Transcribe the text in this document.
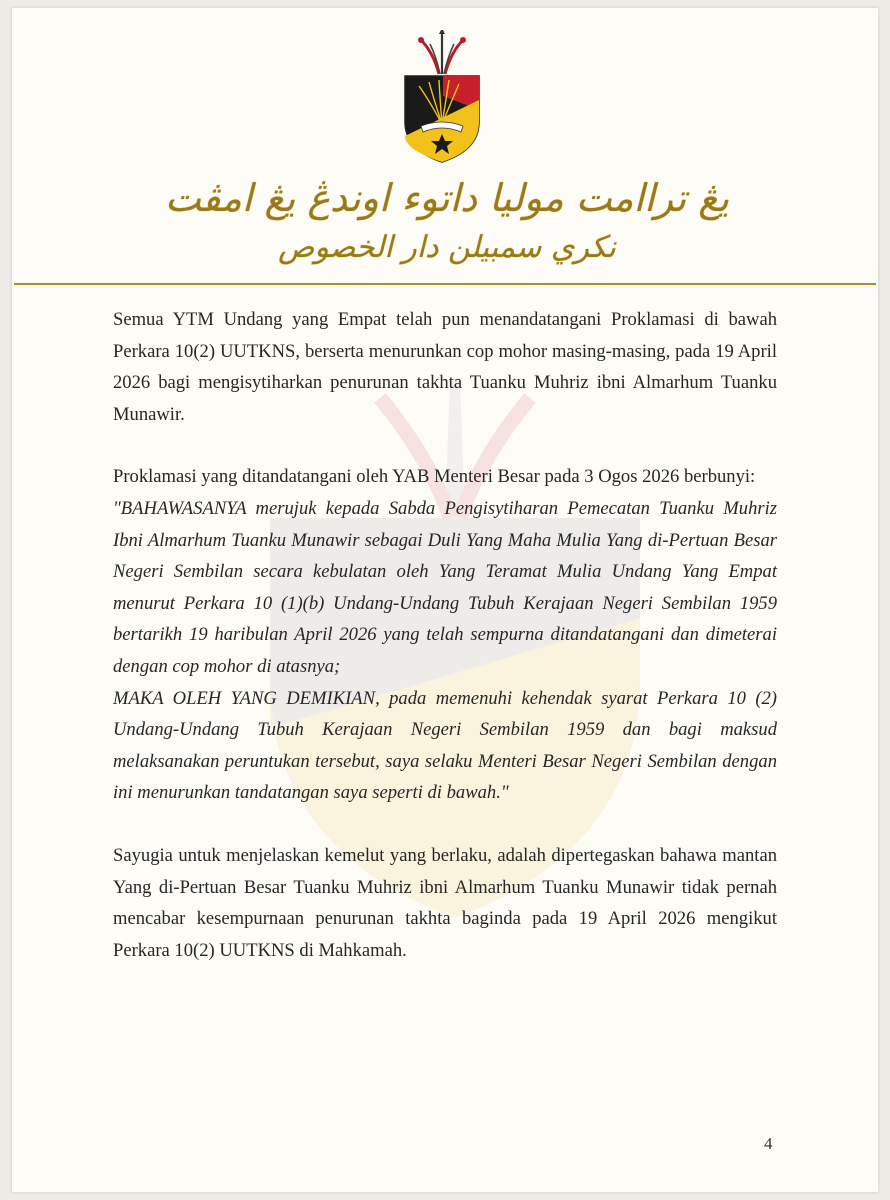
يڠ تراامت موليا داتوء اوندڠ يڠ امڤت
نكري سمبيلن دار الخصوص

Semua YTM Undang yang Empat telah pun menandatangani Proklamasi di bawah Perkara 10(2) UUTKNS, berserta menurunkan cop mohor masing-masing, pada 19 April 2026 bagi mengisytiharkan penurunan takhta Tuanku Muhriz ibni Almarhum Tuanku Munawir.

Proklamasi yang ditandatangani oleh YAB Menteri Besar pada 3 Ogos 2026 berbunyi:

"BAHAWASANYA merujuk kepada Sabda Pengisytiharan Pemecatan Tuanku Muhriz Ibni Almarhum Tuanku Munawir sebagai Duli Yang Maha Mulia Yang di-Pertuan Besar Negeri Sembilan secara kebulatan oleh Yang Teramat Mulia Undang Yang Empat menurut Perkara 10 (1)(b) Undang-Undang Tubuh Kerajaan Negeri Sembilan 1959 bertarikh 19 haribulan April 2026 yang telah sempurna ditandatangani dan dimeterai dengan cop mohor di atasnya;

MAKA OLEH YANG DEMIKIAN, pada memenuhi kehendak syarat Perkara 10 (2) Undang-Undang Tubuh Kerajaan Negeri Sembilan 1959 dan bagi maksud melaksanakan peruntukan tersebut, saya selaku Menteri Besar Negeri Sembilan dengan ini menurunkan tandatangan saya seperti di bawah."

Sayugia untuk menjelaskan kemelut yang berlaku, adalah dipertegaskan bahawa mantan Yang di-Pertuan Besar Tuanku Muhriz ibni Almarhum Tuanku Munawir tidak pernah mencabar kesempurnaan penurunan takhta baginda pada 19 April 2026 mengikut Perkara 10(2) UUTKNS di Mahkamah.

4
